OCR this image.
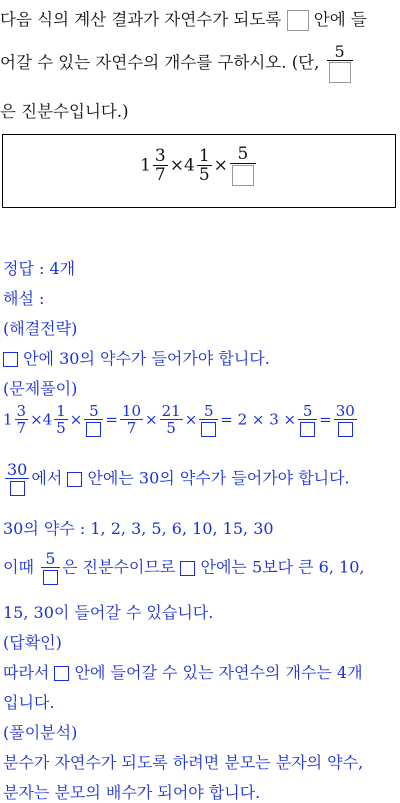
다음 식의 계산 결과가 자연수가 되도록 안에 들
어갈 수 있는 자연수의 개수를 구하시오. (단,
5
은 진분수입니다.)
$1 \frac{3}{7} \times 4 \frac{1}{5}$ ×
5
정답 : 4개
해설 :
(해결전략)
안에 30의 약수가 들어가야 합니다.
(문제풀이)
$1 \frac{3}{7} \times 4 \frac{1}{5} \times 5 = \frac{10}{7} \times \frac{21}{5} \times 5 = 2 \times 3 \times 5 = 30$
30 에서 안에는 30의 약수가 들어가야 합니다.
30의 약수 : 1, 2, 3, 5, 6, 10, 15, 30
이때 5 은 진분수이므로 안에는 5보다 큰 6, 10,
15, 30이 들어갈 수 있습니다.
(답확인)
따라서 안에 들어갈 수 있는 자연수의 개수는 4개
입니다.
(풀이분석)
분수가 자연수가 되도록 하려면 분모는 분자의 약수,
분자는 분모의 배수가 되어야 합니다.
